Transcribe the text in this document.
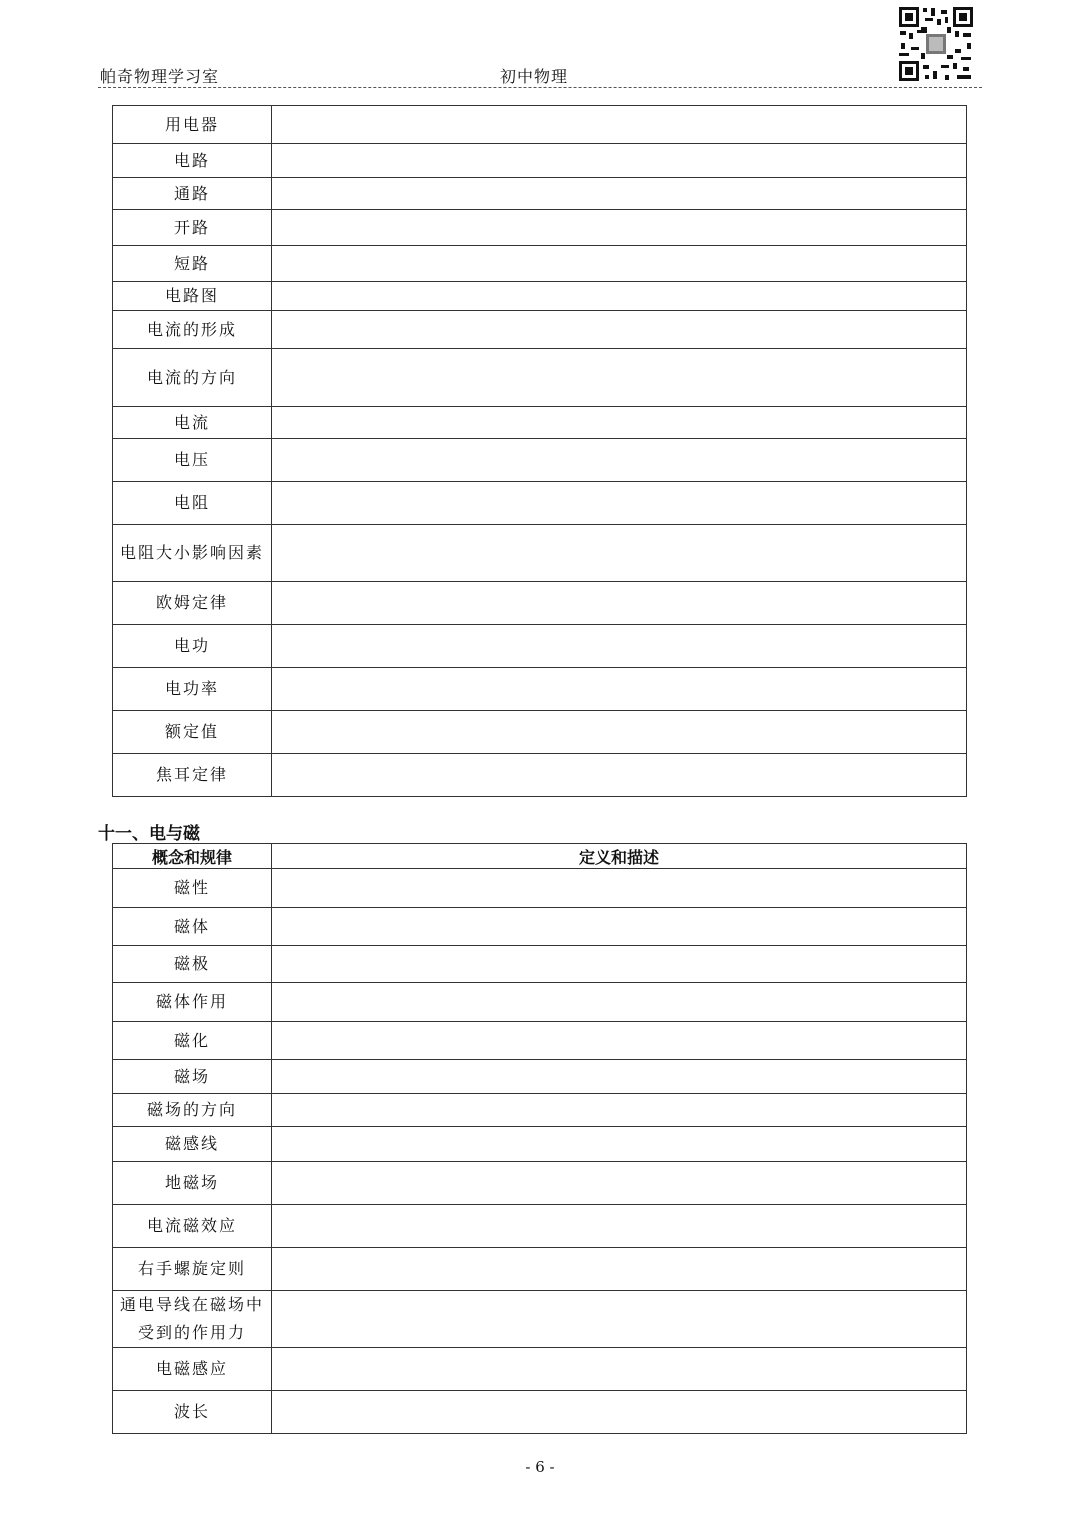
帕奇物理学习室	初中物理
用电器	
电路	
通路	
开路	
短路	
电路图	
电流的形成	
电流的方向	
电流	
电压	
电阻	
电阻大小影响因素	
欧姆定律	
电功	
电功率	
额定值	
焦耳定律	
十一、电与磁
概念和规律	定义和描述
磁性	
磁体	
磁极	
磁体作用	
磁化	
磁场	
磁场的方向	
磁感线	
地磁场	
电流磁效应	
右手螺旋定则	
通电导线在磁场中受到的作用力	
电磁感应	
波长	
- 6 -
